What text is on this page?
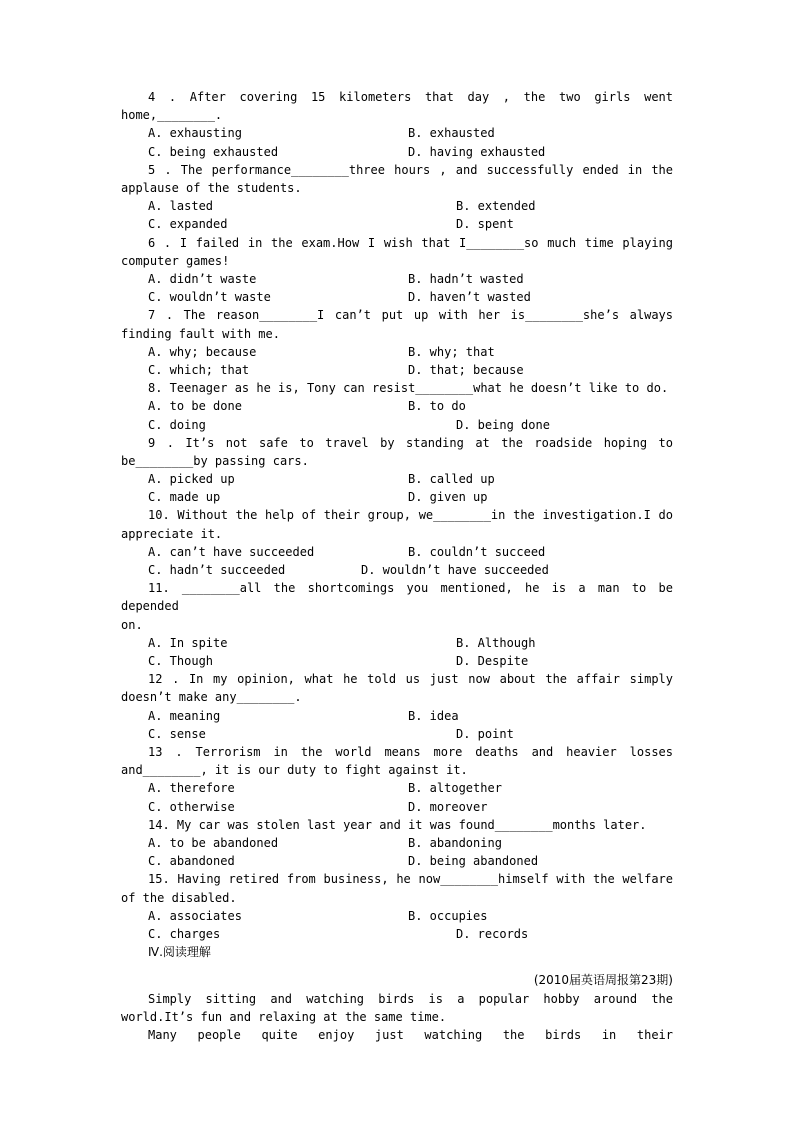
4 . After covering 15 kilometers that day , the two girls went
home,________.
A. exhausting	B. exhausted
C. being exhausted	D. having exhausted
5 . The performance________three hours , and successfully ended in the
applause of the students.
A. lasted	B. extended
C. expanded	D. spent
6 . I failed in the exam.How I wish that I________so much time playing
computer games!
A. didn’t waste	B. hadn’t wasted
C. wouldn’t waste	D. haven’t wasted
7 . The reason________I can’t put up with her is________she’s always
finding fault with me.
A. why; because	B. why; that
C. which; that	D. that; because
8. Teenager as he is, Tony can resist________what he doesn’t like to do.
A. to be done	B. to do
C. doing	D. being done
9 . It’s not safe to travel by standing at the roadside hoping to
be________by passing cars.
A. picked up	B. called up
C. made up	D. given up
10. Without the help of their group, we________in the investigation.I do
appreciate it.
A. can’t have succeeded	B. couldn’t succeed
C. hadn’t succeeded	D. wouldn’t have succeeded
11. ________all the shortcomings you mentioned, he is a man to be depended
on.
A. In spite	B. Although
C. Though	D. Despite
12 . In my opinion, what he told us just now about the affair simply
doesn’t make any________.
A. meaning	B. idea
C. sense	D. point
13 . Terrorism in the world means more deaths and heavier losses
and________, it is our duty to fight against it.
A. therefore	B. altogether
C. otherwise	D. moreover
14. My car was stolen last year and it was found________months later.
A. to be abandoned	B. abandoning
C. abandoned	D. being abandoned
15. Having retired from business, he now________himself with the welfare
of the disabled.
A. associates	B. occupies
C. charges	D. records
Ⅳ.阅读理解
(2010届英语周报第23期)
Simply sitting and watching birds is a popular hobby around the
world.It’s fun and relaxing at the same time.
Many people quite enjoy just watching the birds in their
